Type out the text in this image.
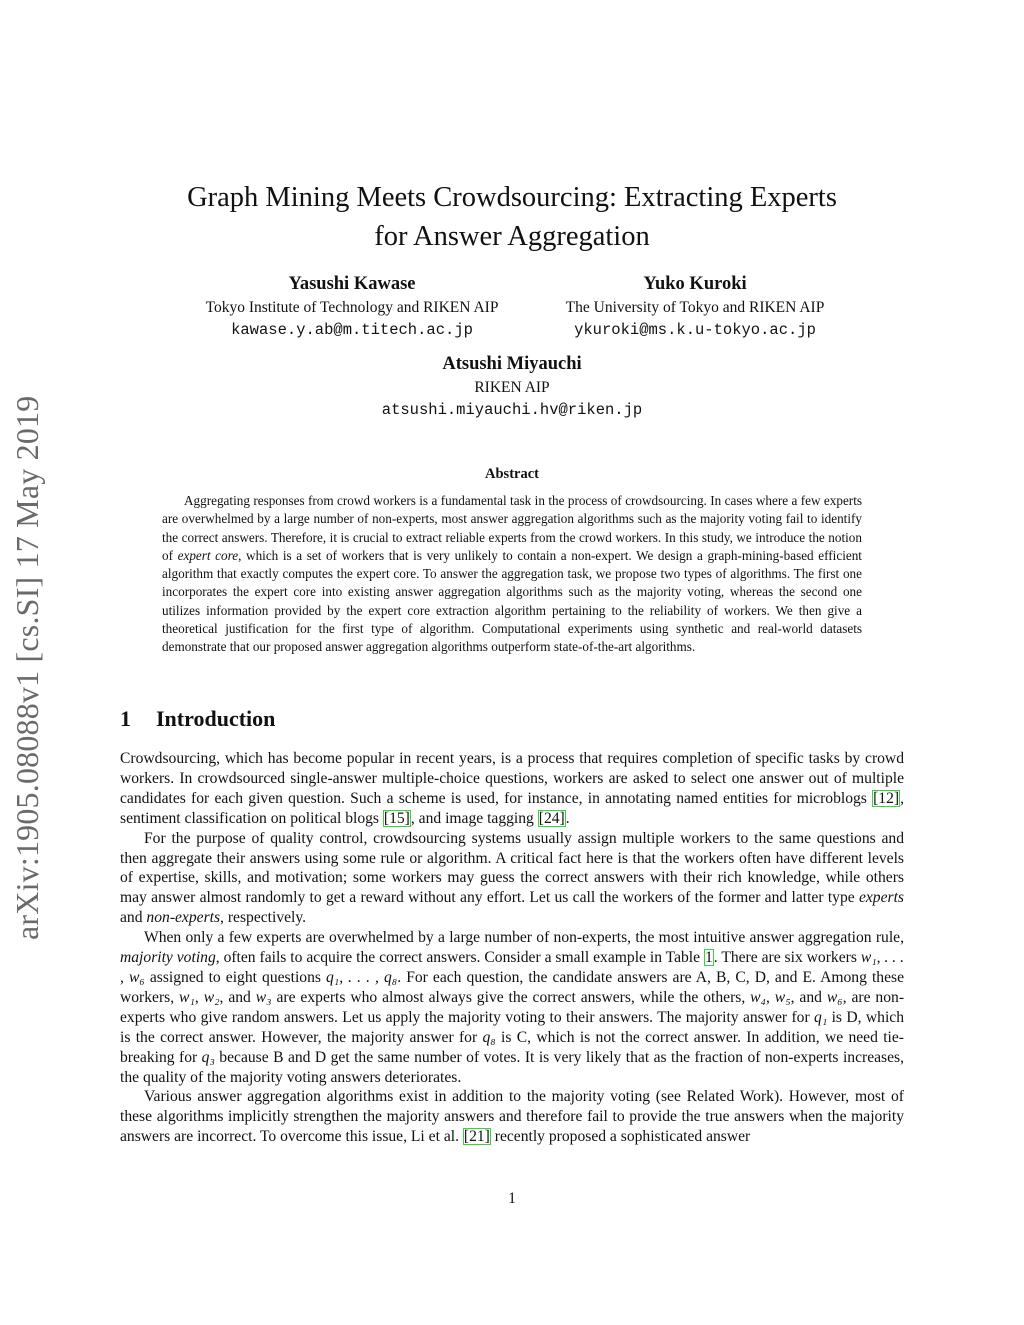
arXiv:1905.08088v1 [cs.SI] 17 May 2019
Graph Mining Meets Crowdsourcing: Extracting Experts
for Answer Aggregation
Yasushi Kawase
Tokyo Institute of Technology and RIKEN AIP
kawase.y.ab@m.titech.ac.jp
Yuko Kuroki
The University of Tokyo and RIKEN AIP
ykuroki@ms.k.u-tokyo.ac.jp
Atsushi Miyauchi
RIKEN AIP
atsushi.miyauchi.hv@riken.jp
Abstract
Aggregating responses from crowd workers is a fundamental task in the process of crowdsourcing. In cases where a few experts are overwhelmed by a large number of non-experts, most answer aggregation algorithms such as the majority voting fail to identify the correct answers. Therefore, it is crucial to extract reliable experts from the crowd workers. In this study, we introduce the notion of expert core, which is a set of workers that is very unlikely to contain a non-expert. We design a graph-mining-based efficient algorithm that exactly computes the expert core. To answer the aggregation task, we propose two types of algorithms. The first one incorporates the expert core into existing answer aggregation algorithms such as the majority voting, whereas the second one utilizes information provided by the expert core extraction algorithm pertaining to the reliability of workers. We then give a theoretical justification for the first type of algorithm. Computational experiments using synthetic and real-world datasets demonstrate that our proposed answer aggregation algorithms outperform state-of-the-art algorithms.
1 Introduction

Crowdsourcing, which has become popular in recent years, is a process that requires completion of specific tasks by crowd workers. In crowdsourced single-answer multiple-choice questions, workers are asked to select one answer out of multiple candidates for each given question. Such a scheme is used, for instance, in annotating named entities for microblogs [12], sentiment classification on political blogs [15], and image tagging [24].

For the purpose of quality control, crowdsourcing systems usually assign multiple workers to the same questions and then aggregate their answers using some rule or algorithm. A critical fact here is that the workers often have different levels of expertise, skills, and motivation; some workers may guess the correct answers with their rich knowledge, while others may answer almost randomly to get a reward without any effort. Let us call the workers of the former and latter type experts and non-experts, respectively.

When only a few experts are overwhelmed by a large number of non-experts, the most intuitive answer aggregation rule, majority voting, often fails to acquire the correct answers. Consider a small example in Table 1. There are six workers w₁, . . . , w₆ assigned to eight questions q₁, . . . , q₈. For each question, the candidate answers are A, B, C, D, and E. Among these workers, w₁, w₂, and w₃ are experts who almost always give the correct answers, while the others, w₄, w₅, and w₆, are non-experts who give random answers. Let us apply the majority voting to their answers. The majority answer for q₁ is D, which is the correct answer. However, the majority answer for q₈ is C, which is not the correct answer. In addition, we need tie-breaking for q₃ because B and D get the same number of votes. It is very likely that as the fraction of non-experts increases, the quality of the majority voting answers deteriorates.

Various answer aggregation algorithms exist in addition to the majority voting (see Related Work). However, most of these algorithms implicitly strengthen the majority answers and therefore fail to provide the true answers when the majority answers are incorrect. To overcome this issue, Li et al. [21] recently proposed a sophisticated answer

1
